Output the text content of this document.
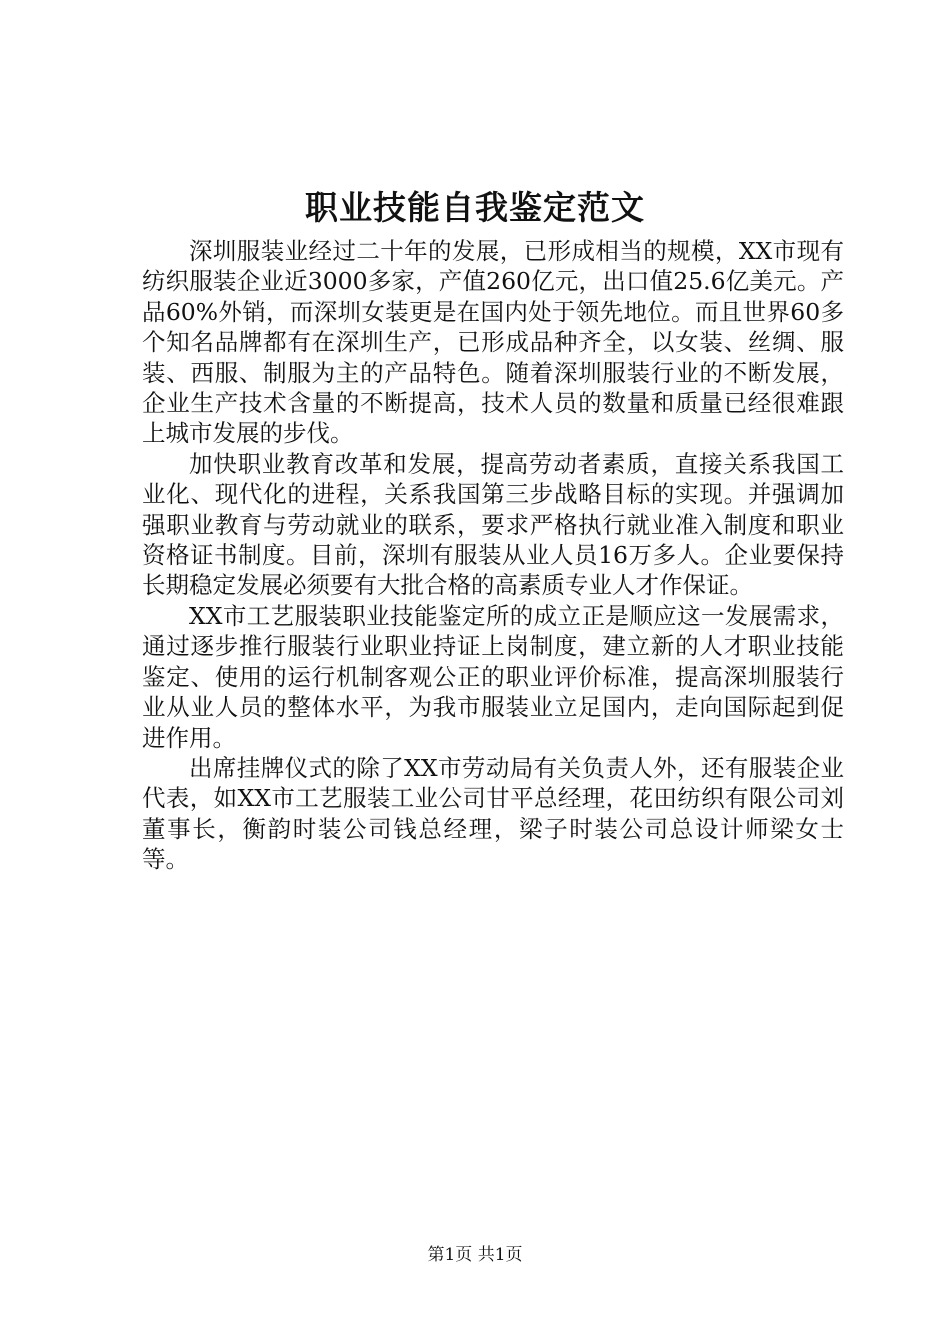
职业技能自我鉴定范文

深圳服装业经过二十年的发展，已形成相当的规模，XX市现有纺织服装企业近3000多家，产值260亿元，出口值25.6亿美元。产品60%外销，而深圳女装更是在国内处于领先地位。而且世界60多个知名品牌都有在深圳生产，已形成品种齐全，以女装、丝绸、服装、西服、制服为主的产品特色。随着深圳服装行业的不断发展，企业生产技术含量的不断提高，技术人员的数量和质量已经很难跟上城市发展的步伐。

加快职业教育改革和发展，提高劳动者素质，直接关系我国工业化、现代化的进程，关系我国第三步战略目标的实现。并强调加强职业教育与劳动就业的联系，要求严格执行就业准入制度和职业资格证书制度。目前，深圳有服装从业人员16万多人。企业要保持长期稳定发展必须要有大批合格的高素质专业人才作保证。

XX市工艺服装职业技能鉴定所的成立正是顺应这一发展需求，通过逐步推行服装行业职业持证上岗制度，建立新的人才职业技能鉴定、使用的运行机制客观公正的职业评价标准，提高深圳服装行业从业人员的整体水平，为我市服装业立足国内，走向国际起到促进作用。

出席挂牌仪式的除了XX市劳动局有关负责人外，还有服装企业代表，如XX市工艺服装工业公司甘平总经理，花田纺织有限公司刘董事长，衡韵时装公司钱总经理，梁子时装公司总设计师梁女士等。

第1页 共1页
